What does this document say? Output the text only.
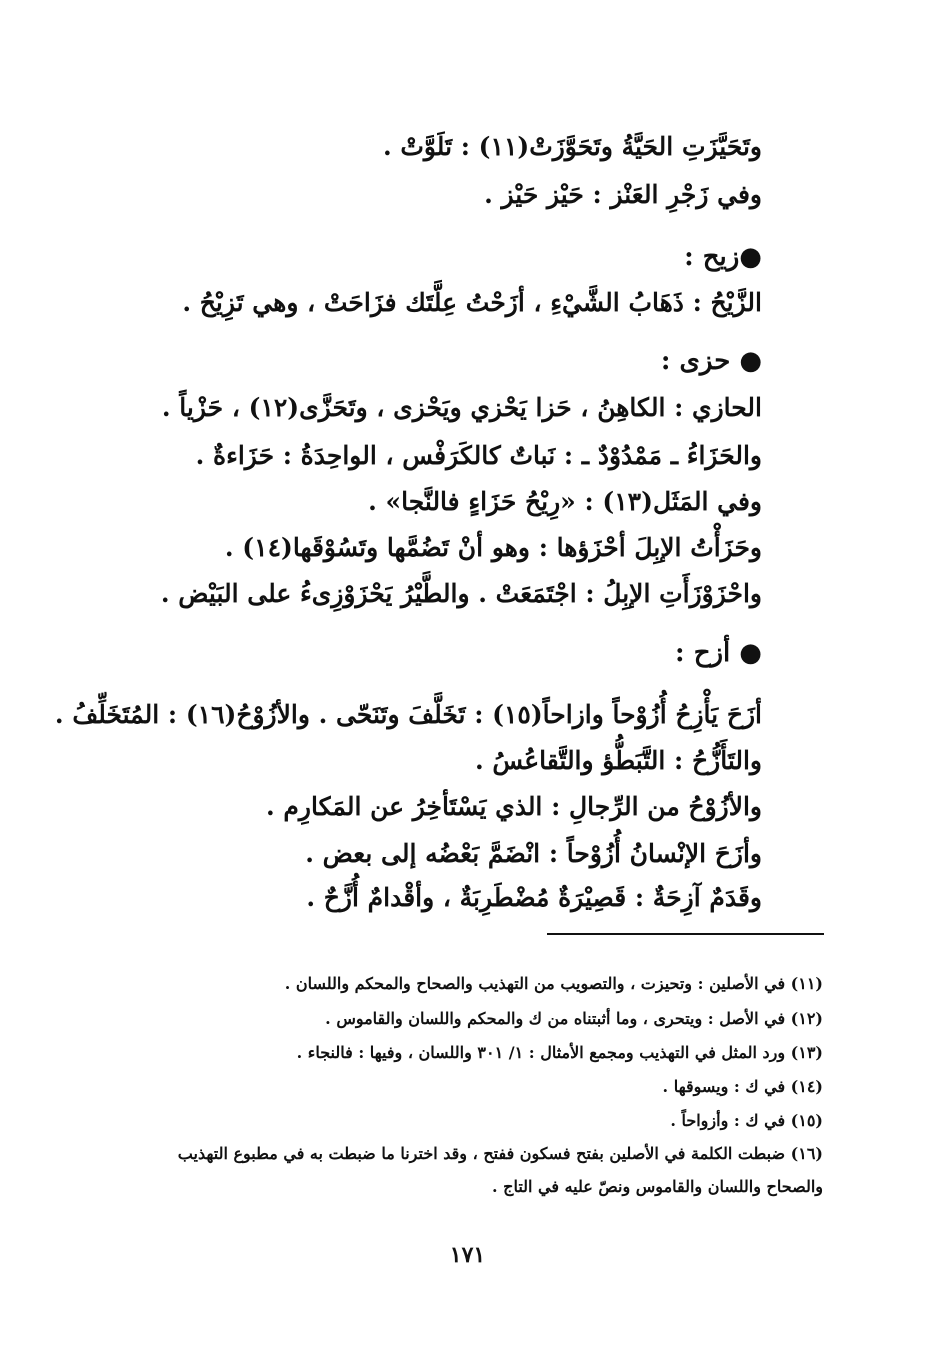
وتَحَيَّزَتِ الحَيَّةُ وتَحَوَّزَتْ(١١) : تَلَوَّتْ .
وفي زَجْرِ العَنْز : حَيْز حَيْز .
●زيح :
الزَّيْحُ : ذَهَابُ الشَّيْءِ ، أزَحْتُ عِلَّتَك فزَاحَتْ ، وهي تَزِيْحُ .
● حزى :
الحازي : الكاهِنُ ، حَزا يَحْزي ويَحْزى ، وتَحَزَّى(١٢) ، حَزْياً .
والحَزَاءُ ـ مَمْدُوْدٌ ـ : نَباتٌ كالكَرَفْس ، الواحِدَةُ : حَزَاءةٌ .
وفي المَثَل(١٣) : «رِيْحُ حَزَاءٍ فالنَّجا» .
وحَزَأْتُ الإبِلَ أحْزَؤها : وهو أنْ تَضُمَّها وتَسُوْقَها(١٤) .
واحْزَوْزَأَتِ الإبِلُ : اجْتَمَعَتْ . والطَّيْرُ يَحْزَوْزِىءُ على البَيْض .
● أزح :
أزَحَ يَأْزِحُ أُزُوْحاً وازاحاً(١٥) : تَخَلَّفَ وتَنَحّى . والأزُوْحُ(١٦) : المُتَخَلِّفُ .
والتَأَزُّحُ : التَّبَطُّؤ والتَّقاعُسُ .
والأزُوْحُ من الرِّجالِ : الذي يَسْتَأخِرُ عن المَكارِم .
وأزَحَ الإنْسانُ أُزُوْحاً : انْضَمَّ بَعْضُه إلى بعض .
وقَدَمٌ آزِحَةٌ : قَصِيْرَةٌ مُضْطَرِبَةٌ ، وأقْدامٌ أُزَّحٌ .
(١١) في الأصلين : وتحيزت ، والتصويب من التهذيب والصحاح والمحكم واللسان .
(١٢) في الأصل : ويتحرى ، وما أثبتناه من ك والمحكم واللسان والقاموس .
(١٣) ورد المثل في التهذيب ومجمع الأمثال : ١/ ٣٠١ واللسان ، وفيها : فالنجاء .
(١٤) في ك : ويسوقها .
(١٥) في ك : وأزواحاً .
(١٦) ضبطت الكلمة في الأصلين بفتح فسكون ففتح ، وقد اخترنا ما ضبطت به في مطبوع التهذيب
والصحاح واللسان والقاموس ونصّ عليه في التاج .
١٧١
